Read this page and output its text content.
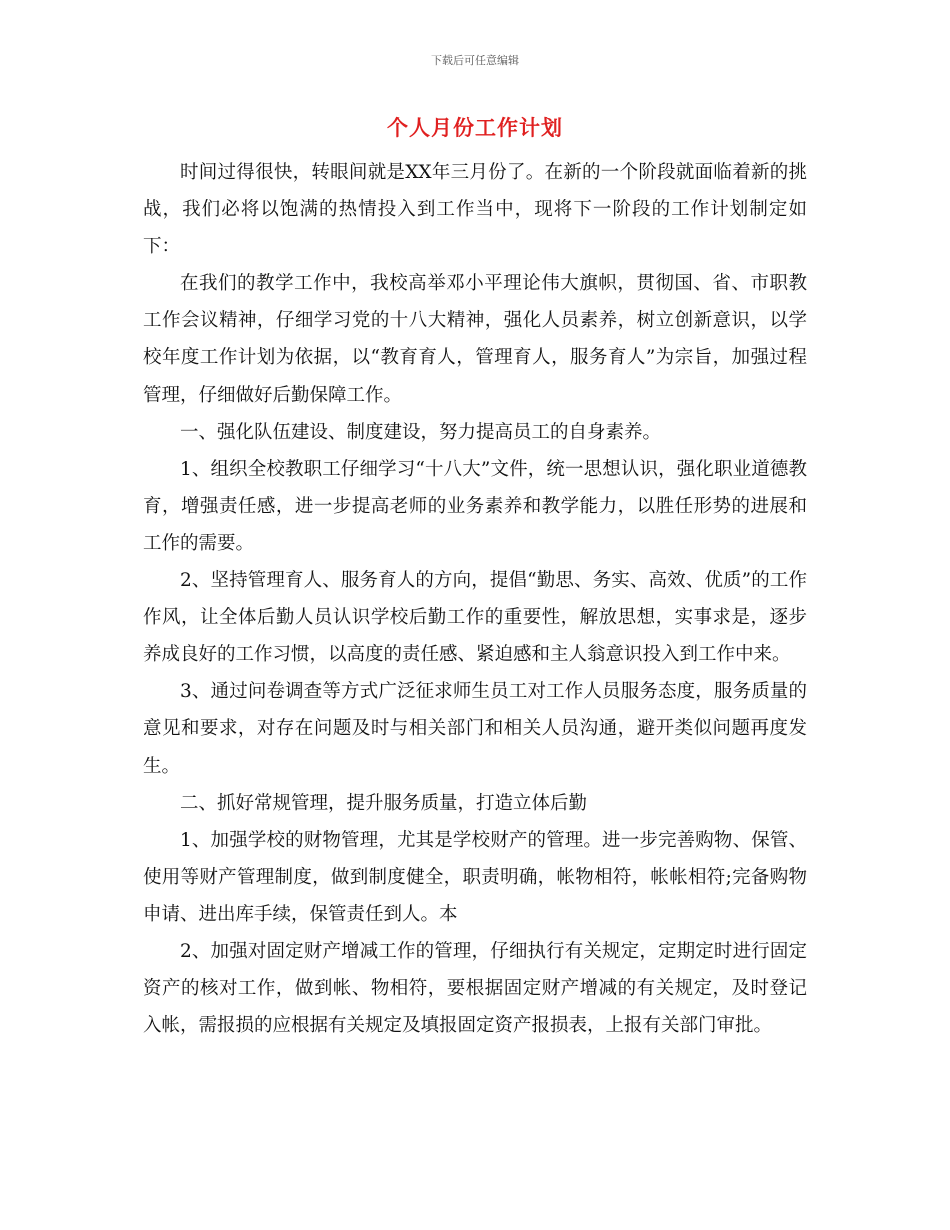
下载后可任意编辑
个人月份工作计划

时间过得很快，转眼间就是XX年三月份了。在新的一个阶段就面临着新的挑战，我们必将以饱满的热情投入到工作当中，现将下一阶段的工作计划制定如下：

在我们的教学工作中，我校高举邓小平理论伟大旗帜，贯彻国、省、市职教工作会议精神，仔细学习党的十八大精神，强化人员素养，树立创新意识，以学校年度工作计划为依据，以“教育育人，管理育人，服务育人”为宗旨，加强过程管理，仔细做好后勤保障工作。

一、强化队伍建设、制度建设，努力提高员工的自身素养。

1、组织全校教职工仔细学习“十八大”文件，统一思想认识，强化职业道德教育，增强责任感，进一步提高老师的业务素养和教学能力，以胜任形势的进展和工作的需要。

2、坚持管理育人、服务育人的方向，提倡“勤思、务实、高效、优质”的工作作风，让全体后勤人员认识学校后勤工作的重要性，解放思想，实事求是，逐步养成良好的工作习惯，以高度的责任感、紧迫感和主人翁意识投入到工作中来。

3、通过问卷调查等方式广泛征求师生员工对工作人员服务态度，服务质量的意见和要求，对存在问题及时与相关部门和相关人员沟通，避开类似问题再度发生。

二、抓好常规管理，提升服务质量，打造立体后勤

1、加强学校的财物管理，尤其是学校财产的管理。进一步完善购物、保管、使用等财产管理制度，做到制度健全，职责明确，帐物相符，帐帐相符;完备购物申请、进出库手续，保管责任到人。本

2、加强对固定财产增减工作的管理，仔细执行有关规定，定期定时进行固定资产的核对工作，做到帐、物相符，要根据固定财产增减的有关规定，及时登记入帐，需报损的应根据有关规定及填报固定资产报损表，上报有关部门审批。
